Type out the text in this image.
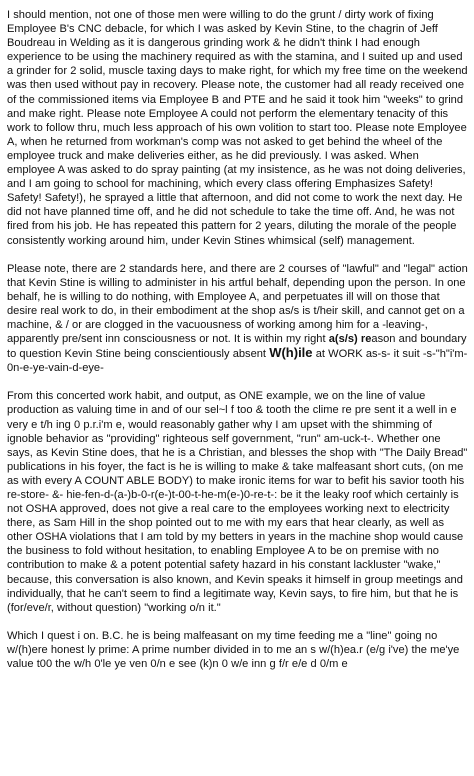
I should mention, not one of those men were willing to do the grunt / dirty work of fixing Employee B's CNC debacle, for which I was asked by Kevin Stine, to the chagrin of Jeff Boudreau in Welding as it is dangerous grinding work & he didn't think I had enough experience to be using the machinery required as with the stamina, and I suited up and used a grinder for 2 solid, muscle taxing days to make right, for which my free time on the weekend was then used without pay in recovery. Please note, the customer had all ready received one of the commissioned items via Employee B and PTE and he said it took him "weeks" to grind and make right. Please note Employee A could not perform the elementary tenacity of this work to follow thru, much less approach of his own volition to start too. Please note Employee A, when he returned from workman's comp was not asked to get behind the wheel of the employee truck and make deliveries either, as he did previously. I was asked. When employee A was asked to do spray painting (at my insistence, as he was not doing deliveries, and I am going to school for machining, which every class offering Emphasizes Safety! Safety! Safety!), he sprayed a little that afternoon, and did not come to work the next day. He did not have planned time off, and he did not schedule to take the time off. And, he was not fired from his job. He has repeated this pattern for 2 years, diluting the morale of the people consistently working around him, under Kevin Stines whimsical (self) management.

Please note, there are 2 standards here, and there are 2 courses of "lawful" and "legal" action that Kevin Stine is willing to administer in his artful behalf, depending upon the person. In one behalf, he is willing to do nothing, with Employee A, and perpetuates ill will on those that desire real work to do, in their embodiment at the shop as/s is t/heir skill, and cannot get on a machine, & / or are clogged in the vacuousness of working among him for a -leaving-, apparently pre/sent inn consciousness or not. It is within my right a(s/s) reason and boundary to question Kevin Stine being conscientiously absent W(h)ile at WORK as-s- it suit -s-"h"i'm-0n-e-ye-vain-d-eye-

From this concerted work habit, and output, as ONE example, we on the line of value production as valuing time in and of our sel~l f too & tooth the clime re pre sent it a well in e very e t/h ing 0 p.r.i'm e, would reasonably gather why I am upset with the shimming of ignoble behavior as "providing" righteous self government, "run" am-uck-t-. Whether one says, as Kevin Stine does, that he is a Christian, and blesses the shop with "The Daily Bread" publications in his foyer, the fact is he is willing to make & take malfeasant short cuts, (on me as with every A COUNT ABLE BODY) to make ironic items for war to befit his savior tooth his re-store- &- hie-fen-d-(a-)b-0-r(e-)t-00-t-he-m(e-)0-re-t-: be it the leaky roof which certainly is not OSHA approved, does not give a real care to the employees working next to electricity there, as Sam Hill in the shop pointed out to me with my ears that hear clearly, as well as other OSHA violations that I am told by my betters in years in the machine shop would cause the business to fold without hesitation, to enabling Employee A to be on premise with no contribution to make & a potent potential safety hazard in his constant lackluster "wake," because, this conversation is also known, and Kevin speaks it himself in group meetings and individually, that he can't seem to find a legitimate way, Kevin says, to fire him, but that he is (for/eve/r, without question) "working o/n it."

Which I quest i on. B.C. he is being malfeasant on my time feeding me a "line" going no w/(h)ere honest ly prime: A prime number divided in to me an s w/(h)ea.r (e/g i've) the me'ye value t00 the w/h 0'le ye ven 0/n e see (k)n 0 w/e inn g f/r e/e d 0/m e
